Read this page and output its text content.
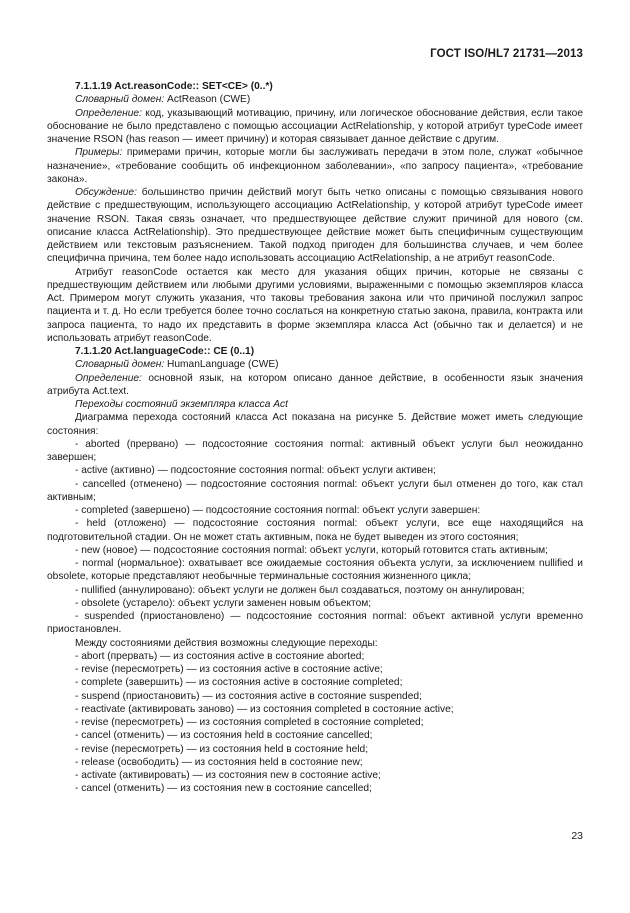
ГОСТ ISO/HL7 21731—2013

7.1.1.19 Act.reasonCode:: SET<CE> (0..*)

Словарный домен: ActReason (CWE)

Определение: код, указывающий мотивацию, причину, или логическое обоснование действия, если такое обоснование не было представлено с помощью ассоциации ActRelationship, у которой атрибут typeCode имеет значение RSON (has reason — имеет причину) и которая связывает данное действие с другим.

Примеры: примерами причин, которые могли бы заслуживать передачи в этом поле, служат «обычное назначение», «требование сообщить об инфекционном заболевании», «по запросу пациента», «требование закона».

Обсуждение: большинство причин действий могут быть четко описаны с помощью связывания нового действие с предшествующим, использующего ассоциацию ActRelationship, у которой атрибут typeCode имеет значение RSON. Такая связь означает, что предшествующее действие служит причиной для нового (см. описание класса ActRelationship). Это предшествующее действие может быть специфичным существующим действием или текстовым разъяснением. Такой подход пригоден для большинства случаев, и чем более специфична причина, тем более надо использовать ассоциацию ActRelationship, а не атрибут reasonCode.

Атрибут reasonCode остается как место для указания общих причин, которые не связаны с предшествующим действием или любыми другими условиями, выраженными с помощью экземпляров класса Act. Примером могут служить указания, что таковы требования закона или что причиной послужил запрос пациента и т. д. Но если требуется более точно сослаться на конкретную статью закона, правила, контракта или запроса пациента, то надо их представить в форме экземпляра класса Act (обычно так и делается) и не использовать атрибут reasonCode.

7.1.1.20 Act.languageCode:: CE (0..1)

Словарный домен: HumanLanguage (CWE)

Определение: основной язык, на котором описано данное действие, в особенности язык значения атрибута Act.text.

Переходы состояний экземпляра класса Act

Диаграмма перехода состояний класса Act показана на рисунке 5. Действие может иметь следующие состояния:

- aborted (прервано) — подсостояние состояния normal: активный объект услуги был неожиданно завершен;

- active (активно) — подсостояние состояния normal: объект услуги активен;

- cancelled (отменено) — подсостояние состояния normal: объект услуги был отменен до того, как стал активным;

- completed (завершено) — подсостояние состояния normal: объект услуги завершен:

- held (отложено) — подсостояние состояния normal: объект услуги, все еще находящийся на подготовительной стадии. Он не может стать активным, пока не будет выведен из этого состояния;

- new (новое) — подсостояние состояния normal: объект услуги, который готовится стать активным;

- normal (нормальное): охватывает все ожидаемые состояния объекта услуги, за исключением nullified и obsolete, которые представляют необычные терминальные состояния жизненного цикла;

- nullified (аннулировано): объект услуги не должен был создаваться, поэтому он аннулирован;

- obsolete (устарело): объект услуги заменен новым объектом;

- suspended (приостановлено) — подсостояние состояния normal: объект активной услуги временно приостановлен.

Между состояниями действия возможны следующие переходы:

- abort (прервать) — из состояния active в состояние aborted;

- revise (пересмотреть) — из состояния active в состояние active;

- complete (завершить) — из состояния active в состояние completed;

- suspend (приостановить) — из состояния active в состояние suspended;

- reactivate (активировать заново) — из состояния completed в состояние active;

- revise (пересмотреть) — из состояния completed в состояние completed;

- cancel (отменить) — из состояния held в состояние cancelled;

- revise (пересмотреть) — из состояния held в состояние held;

- release (освободить) — из состояния held в состояние new;

- activate (активировать) — из состояния new в состояние active;

- cancel (отменить) — из состояния new в состояние cancelled;

23
